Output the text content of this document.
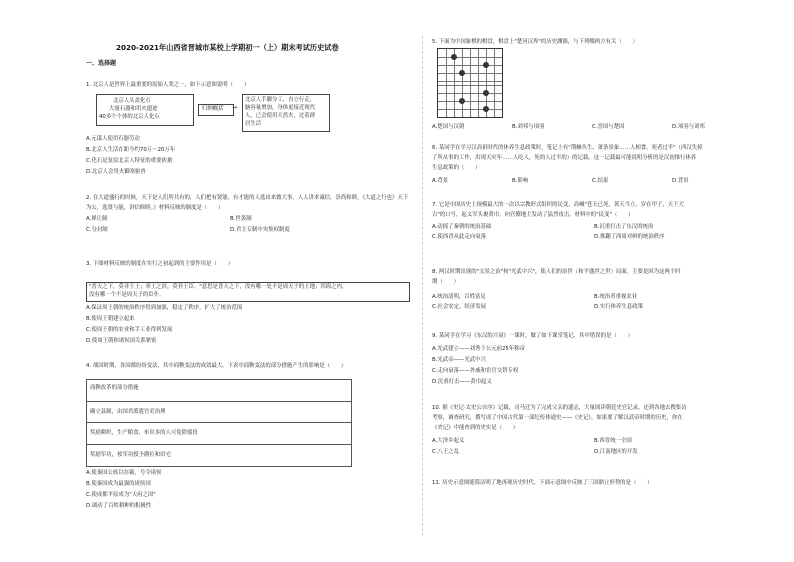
2020-2021年山西省晋城市某校上学期初一（上）期末考试历史试卷
一、选择题
1. 北京人是世界上最重要的原始人类之一，如下示意图说明（　　）
北京人头盖化石
大量石器和用火遗迹
40多个个体的北京人化石
归纳概括 →
北京人手脚分工，直立行走，
脑容量增加，身体更接近现代
人，已会使用天然火，过着群
居生活
A.元谋人使用石器劳动
B.北京人生活在距今约70万～20万年
C.化石是复原北京人特征的重要依据
D.北京人会用火御寒驱兽
2. 在大道盛行的时候，天下是人们所共有的，人们把有贤能、有才能的人选出来做大事，人人讲求诚信，崇尚和睦。《大道之行也》天下为公，选贤与能，讲信修睦。》材料反映的制度是（　　）
A.禅让制	B.世袭制
C.分封制	D.君主专制中央集权制度
3. 下图材料反映的制度在实行之初起到的主要作用是（　　）
"普天之下，莫非王土；率土之滨，莫非王臣。"意思是普天之下，没有哪一处不是周天子的土地；四海之内，
没有哪一个不是周天子的臣仆。
A.保证周王朝的统治秩序得到加强，稳定了秩序，扩大了统治范围
B.使周王朝建立起来
C.使周王朝的农业和手工业得到发展
D.使周王朝和诸侯国关系紧密
4. 战国时期，各国都纷纷变法，其中商鞅变法的成效最大。下表中商鞅变法的部分措施产生的影响是（　　）
商鞅改革的部分措施
确立县制，由国君派遣官吏治理
奖励耕织，生产粮食、布帛多的人可免除徭役
奖励军功，按军功授予爵位和田宅
A.使秦国公族以存霸，号令诸侯
B.使秦国成为最强的诸侯国
C.使成都平原成为"天府之国"
D.调动了百姓耕种的积极性
5. 下面为中国象棋的棋盘，棋盘上"楚河汉界"的历史渊源，与下列哪两方有关（　　）
A.楚国与汉朝	B.刘邦与项羽	C.晋国与楚国	D.项羽与刘邦
6. 某同学在学习汉高祖时代的休养生息政策时，笔记上有"荆棘丛生、萧条景象……人相食，死者过半"（西汉失掉
了所从事的工作，出现天灾年……人吃人，死的人过半的）的记载。这一记载最可能说明分析的是汉初推行休养
生息政策的（　　）
A.背景	B.影响	C.结果	D.背景
7. 它是中国历史上规模最大的一次以宗教形式组织的民变，高喊"苍天已死，黄天当立，岁在甲子，天下大
吉"的口号，起义军头裹黄巾，向官僚地主发动了猛烈攻击。材料中的"民变"（　　）
A.动摇了秦朝的统治基础	B.沉重打击了东汉的统治
C.使西晋从此走向衰落	D.推翻了西周对鲜的统治秩序
8. 两汉时期出现的"文景之治"和"光武中兴"，使人们的治世（和平盛世之世）局面。主要是因为这两个时
期（　　）
A.统治清明，百姓富足	B.统治者重视农业
C.社会安定，经济发展	D.实行休养生息政策
9. 某同学在学习《东汉的兴衰》一课时，做了如下课堂笔记，其中错误的是（　　）
A.光武建立——刘秀于公元前25年称帝
B.光武帝——光武中兴
C.走向衰落——外戚和宦官交替专权
D.沉重打击——黄巾起义
10. 据《史记·太史公自序》记载，司马迁为了完成父亲的遗志，大量阅读朝廷史官记录，还到各地去搜集访
考察，调查研究，撰写成了中国古代第一部纪传体通史——《史记》。如果要了解汉武帝时期的历史，你在
《史记》中能查到的史实是（　　）
A.大泽乡起义	B.西晋统一全国
C.八王之乱	D.江南地区的开发
11. 历史示意图能简洁明了地再现历史时代。下面示意图中反映了三国鼎立形势的是（　　）
